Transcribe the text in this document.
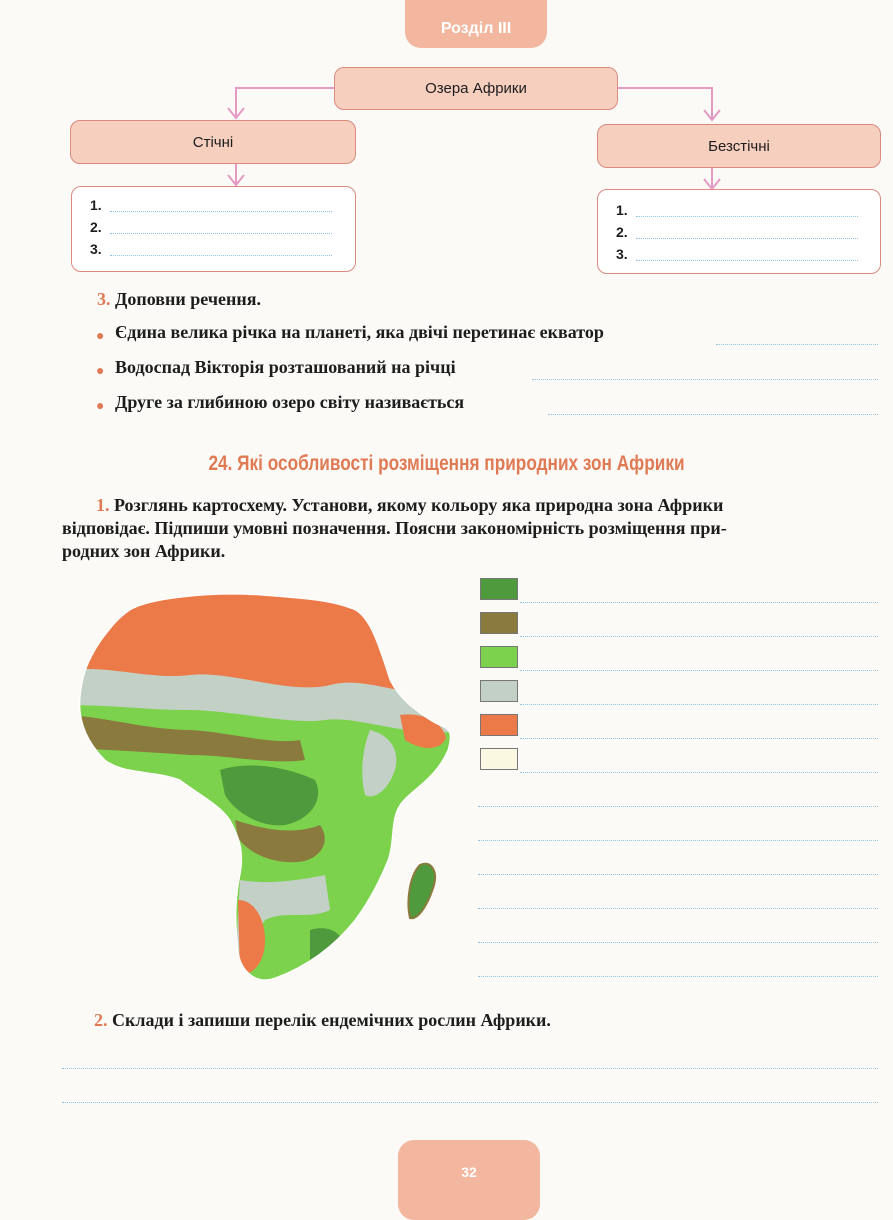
Розділ III
Озера Африки
Стічні	Безстічні
1.
2.
3.
1.
2.
3.
3. Доповни речення.
● Єдина велика річка на планеті, яка двічі перетинає екватор
● Водоспад Вікторія розташований на річці
● Друге за глибиною озеро світу називається
24. Які особливості розміщення природних зон Африки
1. Розглянь картосхему. Установи, якому кольору яка природна зона Африки
відповідає. Підпиши умовні позначення. Поясни закономірність розміщення при-
родних зон Африки.
2. Склади і запиши перелік ендемічних рослин Африки.
32
